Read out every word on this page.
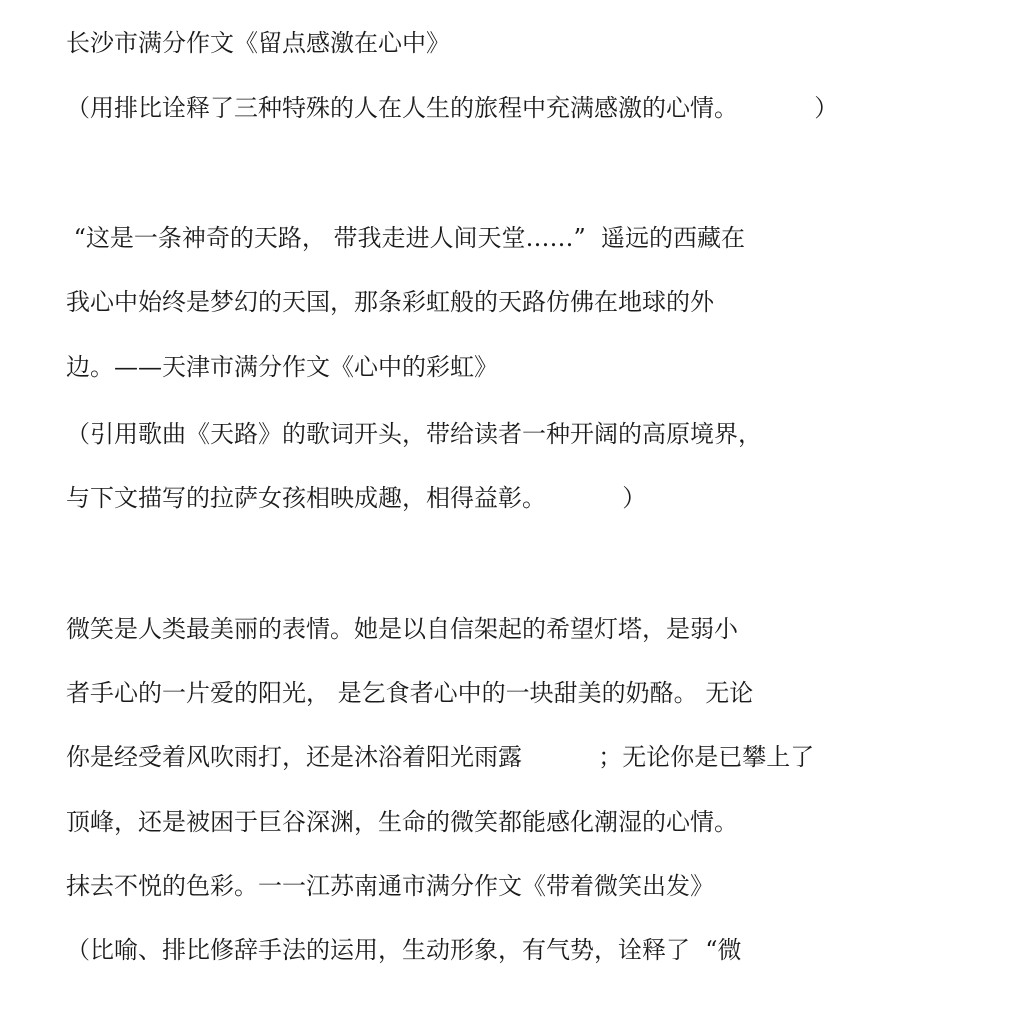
长沙市满分作文《留点感激在心中》
（用排比诠释了三种特殊的人在人生的旅程中充满感激的心情。          ）
“这是一条神奇的天路， 带我走进人间天堂……”  遥远的西藏在
我心中始终是梦幻的天国，那条彩虹般的天路仿佛在地球的外
边。——天津市满分作文《心中的彩虹》
（引用歌曲《天路》的歌词开头，带给读者一种开阔的高原境界，
与下文描写的拉萨女孩相映成趣，相得益彰。          ）
微笑是人类最美丽的表情。她是以自信架起的希望灯塔，是弱小
者手心的一片爱的阳光， 是乞食者心中的一块甜美的奶酪。 无论
你是经受着风吹雨打，还是沐浴着阳光雨露          ；无论你是已攀上了
顶峰，还是被困于巨谷深渊，生命的微笑都能感化潮湿的心情。
抹去不悦的色彩。一一江苏南通市满分作文《带着微笑出发》
（比喻、排比修辞手法的运用，生动形象，有气势，诠释了  “微
